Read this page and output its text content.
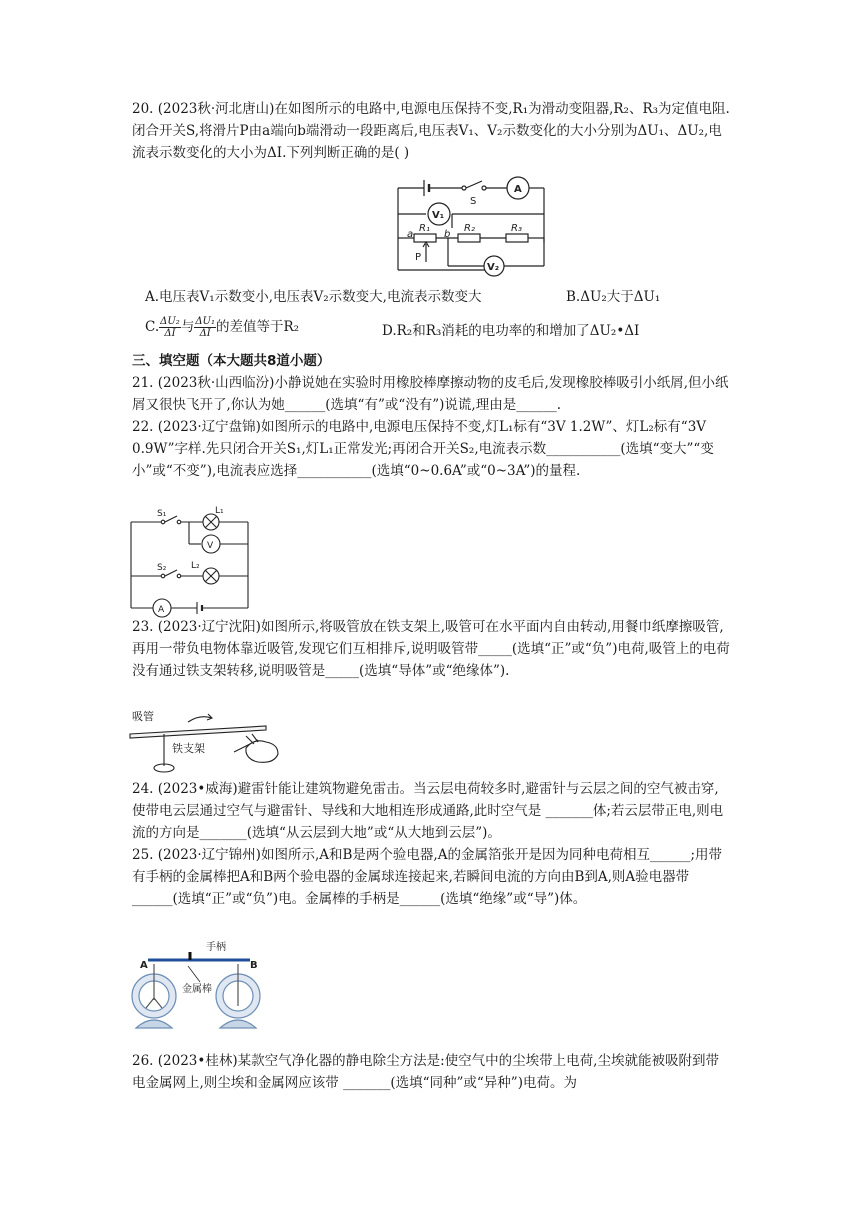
20. (2023秋·河北唐山)在如图所示的电路中,电源电压保持不变,R₁为滑动变阻器,R₂、R₃为定值电阻.闭合开关S,将滑片P由a端向b端滑动一段距离后,电压表V₁、V₂示数变化的大小分别为ΔU₁、ΔU₂,电流表示数变化的大小为ΔI.下列判断正确的是( )

S
A
V₁
V₂
R₁	R₂	R₃
a	b
P

A.电压表V₁示数变小,电压表V₂示数变大,电流表示数变大	B.ΔU₂大于ΔU₁

C. $\frac{\text{ΔU₂}}{\Delta I}$ 与 $\frac{\text{ΔU₁}}{\Delta I}$ 的差值等于R₂	D.R₂和R₃消耗的电功率的和增加了ΔU₂•ΔI

三、填空题（本大题共8道小题）

21. (2023秋·山西临汾)小静说她在实验时用橡胶棒摩擦动物的皮毛后,发现橡胶棒吸引小纸屑,但小纸屑又很快飞开了,你认为她______(选填“有”或“没有”)说谎,理由是______.

22. (2023·辽宁盘锦)如图所示的电路中,电源电压保持不变,灯L₁标有“3V 1.2W”、灯L₂标有“3V 0.9W”字样.先只闭合开关S₁,灯L₁正常发光;再闭合开关S₂,电流表示数___________(选填“变大”“变小”或“不变”),电流表应选择___________(选填“0~0.6A”或“0~3A”)的量程.

S₁	L₁
V
S₂	L₂
A

23. (2023·辽宁沈阳)如图所示,将吸管放在铁支架上,吸管可在水平面内自由转动,用餐巾纸摩擦吸管,再用一带负电物体靠近吸管,发现它们互相排斥,说明吸管带_____(选填“正”或“负”)电荷,吸管上的电荷没有通过铁支架转移,说明吸管是_____(选填“导体”或“绝缘体”).

吸管
铁支架

24. (2023•威海)避雷针能让建筑物避免雷击。当云层电荷较多时,避雷针与云层之间的空气被击穿,使带电云层通过空气与避雷针、导线和大地相连形成通路,此时空气是 _______体;若云层带正电,则电流的方向是_______(选填“从云层到大地”或“从大地到云层”)。

25. (2023·辽宁锦州)如图所示,A和B是两个验电器,A的金属箔张开是因为同种电荷相互______;用带有手柄的金属棒把A和B两个验电器的金属球连接起来,若瞬间电流的方向由B到A,则A验电器带______(选填“正”或“负”)电。金属棒的手柄是______(选填“绝缘”或“导”)体。

手柄
金属棒
A	B

26. (2023•桂林)某款空气净化器的静电除尘方法是:使空气中的尘埃带上电荷,尘埃就能被吸附到带电金属网上,则尘埃和金属网应该带 _______(选填“同种”或“异种”)电荷。为
